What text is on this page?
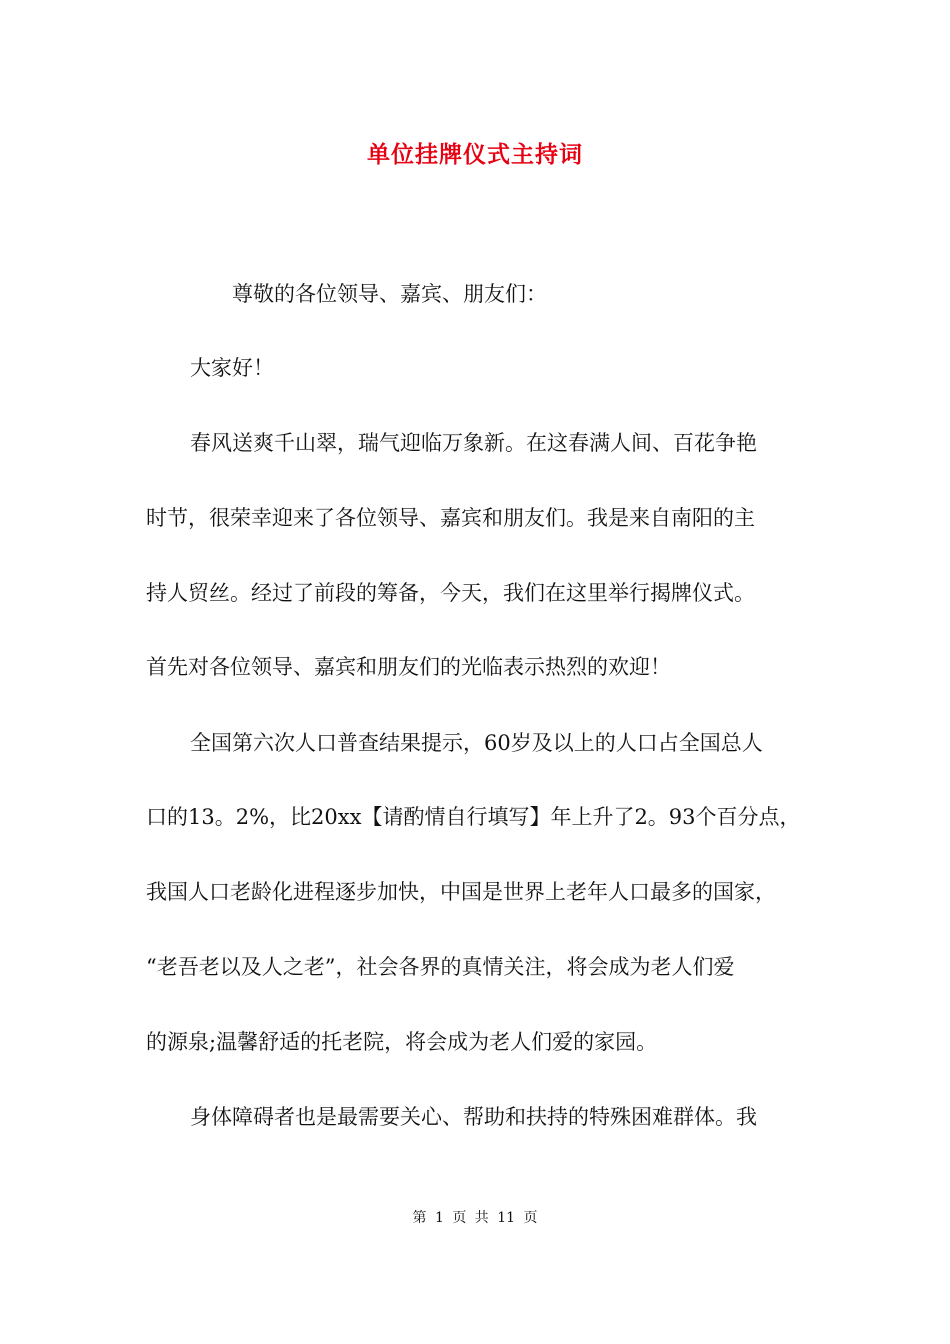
单位挂牌仪式主持词

尊敬的各位领导、嘉宾、朋友们：

大家好！

春风送爽千山翠，瑞气迎临万象新。在这春满人间、百花争艳

时节，很荣幸迎来了各位领导、嘉宾和朋友们。我是来自南阳的主

持人贸丝。经过了前段的筹备，今天，我们在这里举行揭牌仪式。

首先对各位领导、嘉宾和朋友们的光临表示热烈的欢迎！

全国第六次人口普查结果提示，60岁及以上的人口占全国总人

口的13。2%，比20xx【请酌情自行填写】年上升了2。93个百分点，

我国人口老龄化进程逐步加快，中国是世界上老年人口最多的国家，

“老吾老以及人之老”，社会各界的真情关注，将会成为老人们爱

的源泉;温馨舒适的托老院，将会成为老人们爱的家园。

身体障碍者也是最需要关心、帮助和扶持的特殊困难群体。我

第 1 页 共 11 页
